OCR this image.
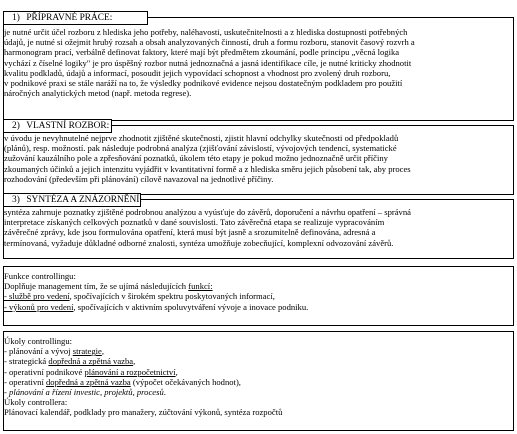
1) PŘÍPRAVNÉ PRÁCE:
je nutné určit účel rozboru z hlediska jeho potřeby, naléhavosti, uskutečnitelnosti a z hlediska dostupnosti potřebných
údajů, je nutné si ožejmit hrubý rozsah a obsah analyzovaných činností, druh a formu rozboru, stanovit časový rozvrh a
harmonogram prací, verbálně definovat faktory, které mají být předmětem zkoumání, podle principu „věcná logika
vychází z číselné logiky" je pro úspěšný rozbor nutná jednoznačná a jasná identifikace cíle, je nutné kriticky zhodnotit
kvalitu podkladů, údajů a informací, posoudit jejich vypovídací schopnost a vhodnost pro zvolený druh rozboru,
v podnikové praxi se stále naráží na to, že výsledky podnikové evidence nejsou dostatečným podkladem pro použití
náročných analytických metod (např. metoda regrese).
2) VLASTNÍ ROZBOR:
v úvodu je nevyhnutelné nejprve zhodnotit zjištěné skutečnosti, zjistit hlavní odchylky skutečnosti od předpokladů
(plánů), resp. možností. pak následuje podrobná analýza (zjišťování závislostí, vývojových tendencí, systematické
zužování kauzálního pole a zpřesňování poznatků, úkolem této etapy je pokud možno jednoznačně určit příčiny
zkoumaných účinků a jejich intenzitu vyjádřit v kvantitativní formě a z hlediska směru jejich působení tak, aby proces
rozhodování (především při plánování) cílově navazoval na jednotlivé příčiny.
3) SYNTÉZA A ZNÁZORNĚNÍ:
syntéza zahrnuje poznatky zjištěné podrobnou analýzou a vyúsťuje do závěrů, doporučení a návrhu opatření – správná
interpretace získaných celkových poznatků v dané souvislosti. Tato závěrečná etapa se realizuje vypracováním
závěrečné zprávy, kde jsou formulována opatření, která musí být jasně a srozumitelně definována, adresná a
termínovaná, vyžaduje důkladné odborné znalosti, syntéza umožňuje zobecňující, komplexní odvozování závěrů.
Funkce controllingu:
Doplňuje management tím, že se ujímá následujících funkcí:
- službě pro vedení, spočívajících v širokém spektru poskytovaných informací,
- výkonů pro vedení, spočívajících v aktivním spoluvytváření vývoje a inovace podniku.
Úkoly controllingu:
- plánování a vývoj strategie,
- strategická dopředná a zpětná vazba,
- operativní podnikové plánování a rozpočetnictví,
- operativní dopředná a zpětná vazba (výpočet očekávaných hodnot),
- plánování a řízení investic, projektů, procesů.
Úkoly controllera:
Plánovací kalendář, podklady pro manažery, zúčtování výkonů, syntéza rozpočtů
